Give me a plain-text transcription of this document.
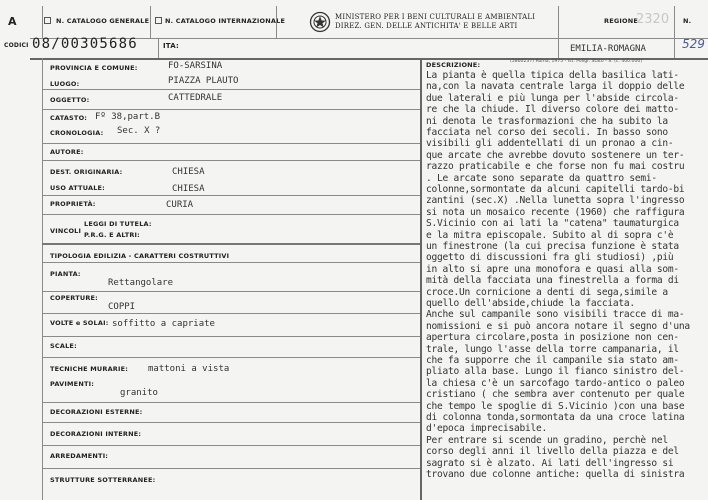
A	N. CATALOGO GENERALE N. CATALOGO INTERNAZIONALE	MINISTERO PER I BENI CULTURALI E AMBIENTALI
DIREZ. GEN. DELLE ANTICHITA' E BELLE ARTI
REGIONE
2320 N.
CODICI 08/00305686	ITA:	EMILIA-ROMAGNA	529
(5860237) Roma, 1975 - Ist. Poligr. Stato - S. (c. 400.000)
PROVINCIA E COMUNE:	FO-SARSINA
LUOGO:	PIAZZA PLAUTO
OGGETTO:	CATTEDRALE
CATASTO: Fº 38,part.B
CRONOLOGIA: Sec. X ?
AUTORE:
DEST. ORIGINARIA:	CHIESA
USO ATTUALE:	CHIESA
PROPRIETÀ:	CURIA
VINCOLI
LEGGI DI TUTELA:
P.R.G. E ALTRI:
TIPOLOGIA EDILIZIA - CARATTERI COSTRUTTIVI
PIANTA:
Rettangolare
COPERTURE:
COPPI
VOLTE e SOLAI: soffitto a capriate
SCALE:
TECNICHE MURARIE: mattoni a vista
PAVIMENTI:
granito
DECORAZIONI ESTERNE:
DECORAZIONI INTERNE:
ARREDAMENTI:
STRUTTURE SOTTERRANEE:
DESCRIZIONE:
La pianta è quella tipica della basilica lati-
na,con la navata centrale larga il doppio delle
due laterali e più lunga per l'abside circola-
re che la chiude. Il diverso colore dei matto-
ni denota le trasformazioni che ha subito la
facciata nel corso dei secoli. In basso sono
visibili gli addentellati di un pronao a cin-
que arcate che avrebbe dovuto sostenere un ter-
razzo praticabile e che forse non fu mai costru
. Le arcate sono separate da quattro semi-
colonne,sormontate da alcuni capitelli tardo-bi
zantini (sec.X) .Nella lunetta sopra l'ingresso
si nota un mosaico recente (1960) che raffigura
S.Vicinio con ai lati la "catena" taumaturgica
e la mitra episcopale. Subito al di sopra c'è
un finestrone (la cui precisa funzione è stata
oggetto di discussioni fra gli studiosi) ,più
in alto si apre una monofora e quasi alla som-
mità della facciata una finestrella a forma di
croce.Un cornicione a denti di sega,simile a
quello dell'abside,chiude la facciata.
Anche sul campanile sono visibili tracce di ma-
nomissioni e si può ancora notare il segno d'una
apertura circolare,posta in posizione non cen-
trale, lungo l'asse della torre campanaria, il
che fa supporre che il campanile sia stato am-
pliato alla base. Lungo il fianco sinistro del-
la chiesa c'è un sarcofago tardo-antico o paleo
cristiano ( che sembra aver contenuto per quale
che tempo le spoglie di S.Vicinio )con una base
di colonna tonda,sormontata da una croce latina
d'epoca imprecisabile.
Per entrare si scende un gradino, perchè nel
corso degli anni il livello della piazza e del
sagrato si è alzato. Ai lati dell'ingresso si
trovano due colonne antiche: quella di sinistra
